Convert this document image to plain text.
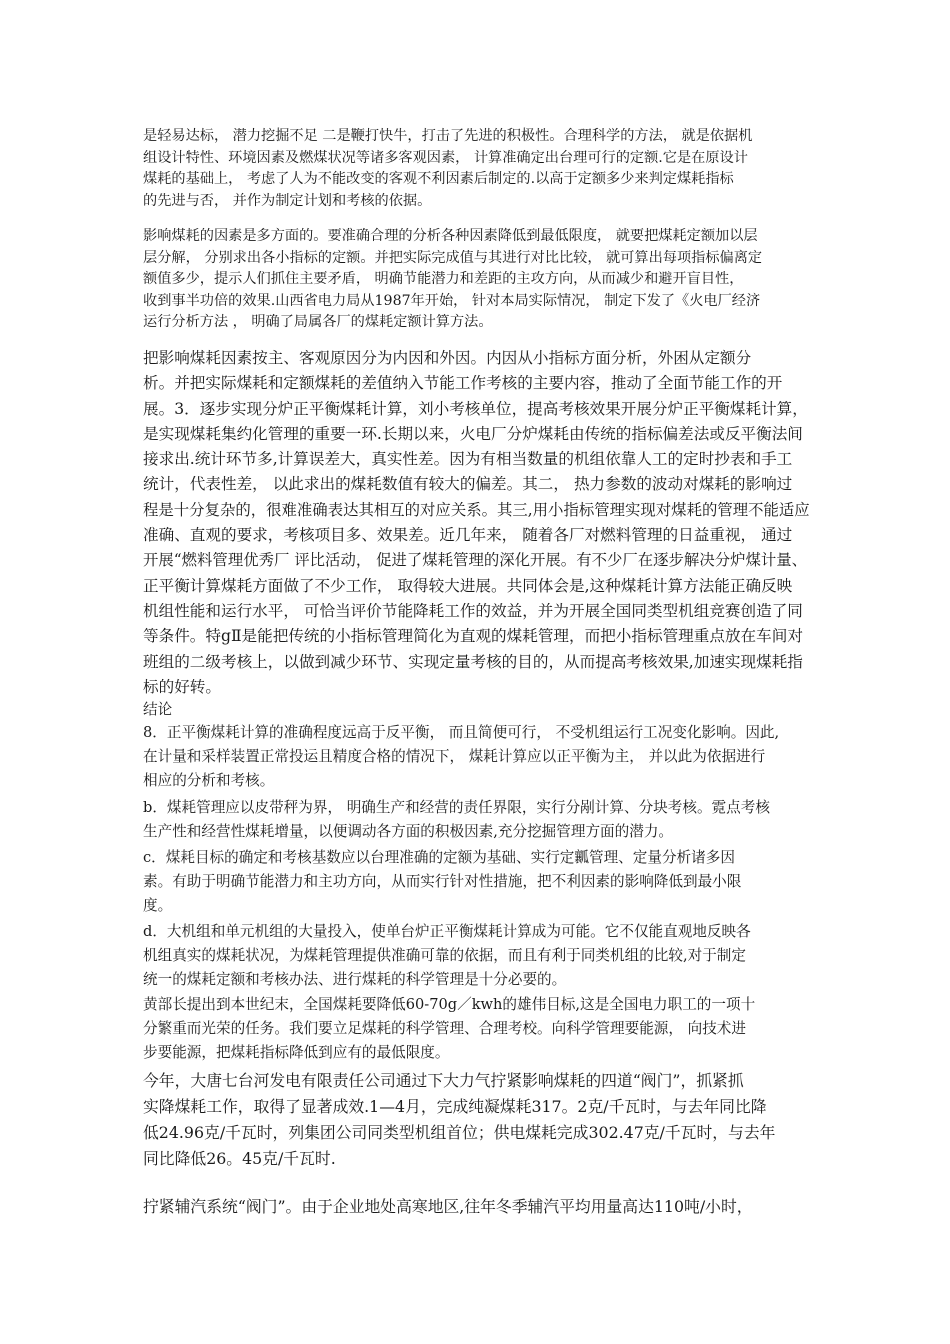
是轻易达标， 潜力挖掘不足 二是鞭打快牛，打击了先进的积极性。合理科学的方法， 就是依据机
组设计特性、环境因素及燃煤状况等诸多客观因素， 计算准确定出台理可行的定额.它是在原设计
煤耗的基础上， 考虑了人为不能改变的客观不利因素后制定的.以高于定额多少来判定煤耗指标
的先进与否， 并作为制定计划和考核的依据。
影响煤耗的因素是多方面的。要准确合理的分析各种因素降低到最低限度， 就要把煤耗定额加以层
层分解， 分别求出各小指标的定额。并把实际完成值与其进行对比比较， 就可算出每项指标偏离定
额值多少，提示人们抓住主要矛盾， 明确节能潜力和差距的主攻方向，从而减少和避开盲目性，
收到事半功倍的效果.山西省电力局从1987年开始， 针对本局实际情况， 制定下发了《火电厂经济
运行分析方法 ， 明确了局属各厂的煤耗定额计算方法。
把影响煤耗因素按主、客观原因分为内因和外因。内因从小指标方面分析，外困从定额分
析。并把实际煤耗和定额煤耗的差值纳入节能工作考核的主要内容，推动了全面节能工作的开
展。3．逐步实现分炉正平衡煤耗计算，刘小考核单位，提高考核效果开展分炉正平衡煤耗计算，
是实现煤耗集约化管理的重要一环.长期以来，火电厂分炉煤耗由传统的指标偏差法或反平衡法间
接求出.统计环节多,计算误差大，真实性差。因为有相当数量的机组依靠人工的定时抄表和手工
统计，代表性差， 以此求出的煤耗数值有较大的偏差。其二， 热力参数的波动对煤耗的影响过
程是十分复杂的，很难准确表达其相互的对应关系。其三,用小指标管理实现对煤耗的管理不能适应
准确、直观的要求，考核项目多、效果差。近几年来， 随着各厂对燃料管理的日益重视， 通过
开展“燃料管理优秀厂 评比活动， 促进了煤耗管理的深化开展。有不少厂在逐步解决分炉煤计量、
正平衡计算煤耗方面做了不少工作， 取得较大进展。共同体会是,这种煤耗计算方法能正确反映
机组性能和运行水平， 可恰当评价节能降耗工作的效益，并为开展全国同类型机组竞赛创造了同
等条件。特gⅡ是能把传统的小指标管理简化为直观的煤耗管理，而把小指标管理重点放在车间对
班组的二级考核上，以做到减少环节、实现定量考核的目的，从而提高考核效果,加速实现煤耗指
标的好转。
结论
8．正平衡煤耗计算的准确程度远高于反平衡， 而且简便可行， 不受机组运行工况变化影响。因此,
在计量和采样装置正常投运且精度合格的情况下， 煤耗计算应以正平衡为主， 并以此为依据进行
相应的分析和考核。
b．煤耗管理应以皮带秤为界， 明确生产和经营的责任界限，实行分剐计算、分块考核。霓点考核
生产性和经营性煤耗增量，以便调动各方面的积极因素,充分挖掘管理方面的潜力。
c．煤耗目标的确定和考核基数应以台理准确的定额为基础、实行定瓤管理、定量分析诸多因
素。有助于明确节能潜力和主功方向，从而实行针对性措施，把不利因素的影响降低到最小限
度。
d．大机组和单元机组的大量投入，使单台炉正平衡煤耗计算成为可能。它不仅能直观地反映各
机组真实的煤耗状况，为煤耗管理提供准确可靠的依据，而且有利于同类机组的比较,对于制定
统一的煤耗定额和考核办法、进行煤耗的科学管理是十分必要的。
黄部长提出到本世纪末，全国煤耗要降低60-70g／kwh的雄伟目标,这是全国电力职工的一项十
分繁重而光荣的任务。我们要立足煤耗的科学管理、合理考校。向科学管理要能源， 向技术进
步要能源，把煤耗指标降低到应有的最低限度。
今年，大唐七台河发电有限责任公司通过下大力气拧紧影响煤耗的四道“阀门”，抓紧抓
实降煤耗工作，取得了显著成效.1—4月，完成纯凝煤耗317。2克/千瓦时，与去年同比降
低24.96克/千瓦时，列集团公司同类型机组首位；供电煤耗完成302.47克/千瓦时，与去年
同比降低26。45克/千瓦时.
拧紧辅汽系统“阀门”。由于企业地处高寒地区,往年冬季辅汽平均用量高达110吨/小时，
